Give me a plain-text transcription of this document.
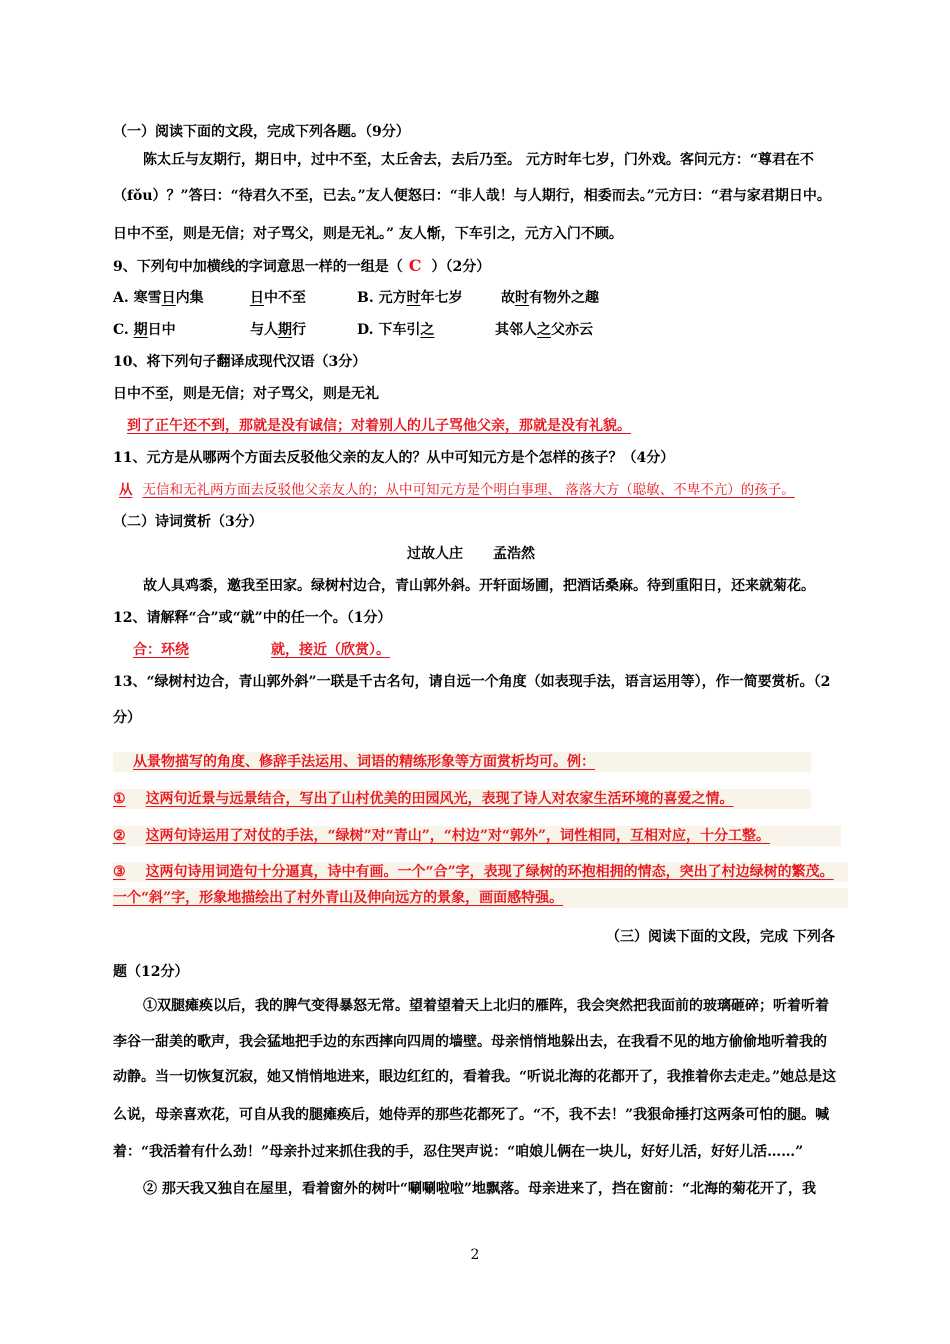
（一）阅读下面的文段，完成下列各题。（9分）
陈太丘与友期行，期日中，过中不至，太丘舍去，去后乃至。 元方时年七岁，门外戏。客问元方：“尊君在不
（fǒu）？”答曰：“待君久不至，已去。”友人便怒曰：“非人哉！与人期行，相委而去。”元方曰：“君与家君期日中。
日中不至，则是无信；对子骂父，则是无礼。” 友人惭，下车引之，元方入门不顾。
9、下列句中加横线的字词意思一样的一组是（ C ）（2分）
A. 寒雪日内集	日中不至	B. 元方时年七岁	故时有物外之趣
C. 期日中	与人期行	D. 下车引之	其邻人之父亦云
10、将下列句子翻译成现代汉语（3分）
日中不至，则是无信；对子骂父，则是无礼
到了正午还不到，那就是没有诚信；对着别人的儿子骂他父亲，那就是没有礼貌。
11、元方是从哪两个方面去反驳他父亲的友人的？从中可知元方是个怎样的孩子？（4分）
从 无信和无礼两方面去反驳他父亲友人的；从中可知元方是个明白事理、 落落大方（聪敏、不卑不亢）的孩子。
（二）诗词赏析（3分）
过故人庄 孟浩然
故人具鸡黍，邀我至田家。绿树村边合，青山郭外斜。开轩面场圃，把酒话桑麻。待到重阳日，还来就菊花。
12、请解释“合”或“就”中的任一个。（1分）
合：环绕	就，接近（欣赏）。
13、“绿树村边合，青山郭外斜”一联是千古名句，请自远一个角度（如表现手法，语言运用等），作一简要赏析。（2
分）
从景物描写的角度、修辞手法运用、词语的精练形象等方面赏析均可。例：
① 这两句近景与远景结合，写出了山村优美的田园风光，表现了诗人对农家生活环境的喜爱之情。
② 这两句诗运用了对仗的手法，“绿树”对“青山”，“村边”对“郭外”，词性相同，互相对应，十分工整。
③ 这两句诗用词造句十分逼真，诗中有画。一个“合”字，表现了绿树的环抱相拥的情态，突出了村边绿树的繁茂。
一个“斜”字，形象地描绘出了村外青山及伸向远方的景象，画面感特强。
（三）阅读下面的文段，完成 下列各
题（12分）
①双腿瘫痪以后，我的脾气变得暴怒无常。望着望着天上北归的雁阵，我会突然把我面前的玻璃砸碎；听着听着
李谷一甜美的歌声，我会猛地把手边的东西摔向四周的墙壁。母亲悄悄地躲出去，在我看不见的地方偷偷地听着我的
动静。当一切恢复沉寂，她又悄悄地进来，眼边红红的，看着我。“听说北海的花都开了，我推着你去走走。”她总是这
么说，母亲喜欢花，可自从我的腿瘫痪后，她侍弄的那些花都死了。“不，我不去！”我狠命捶打这两条可怕的腿。喊
着：“我活着有什么劲！”母亲扑过来抓住我的手，忍住哭声说：“咱娘儿俩在一块儿，好好儿活，好好儿活……”
② 那天我又独自在屋里，看着窗外的树叶“唰唰啦啦”地飘落。母亲进来了，挡在窗前：“北海的菊花开了，我
2
